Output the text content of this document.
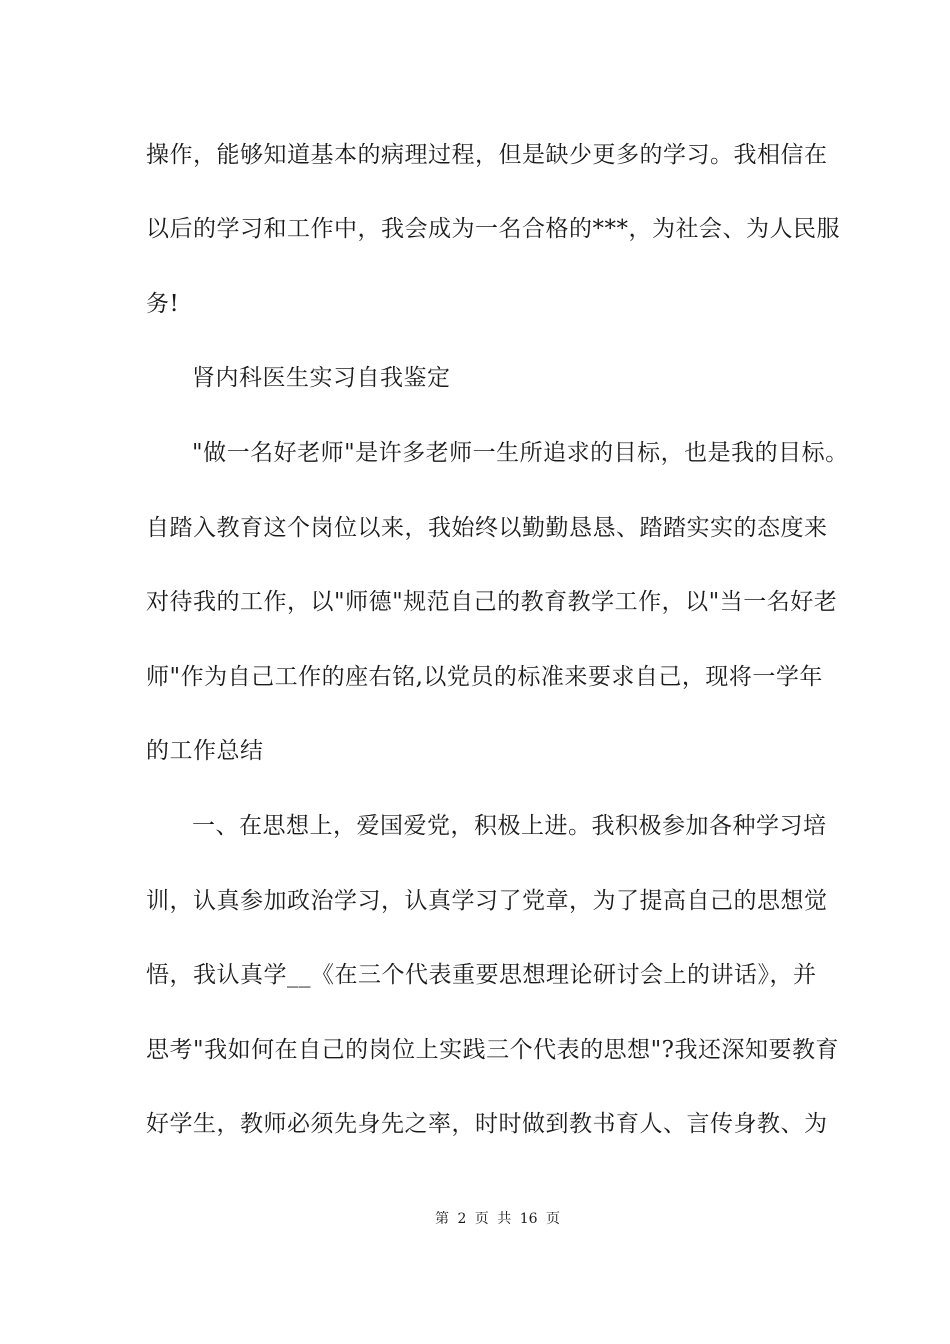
操作，能够知道基本的病理过程，但是缺少更多的学习。我相信在
以后的学习和工作中，我会成为一名合格的***，为社会、为人民服
务!
肾内科医生实习自我鉴定
"做一名好老师"是许多老师一生所追求的目标，也是我的目标。
自踏入教育这个岗位以来，我始终以勤勤恳恳、踏踏实实的态度来
对待我的工作，以"师德"规范自己的教育教学工作，以"当一名好老
师"作为自己工作的座右铭,以党员的标准来要求自己，现将一学年
的工作总结
一、在思想上，爱国爱党，积极上进。我积极参加各种学习培
训，认真参加政治学习，认真学习了党章，为了提高自己的思想觉
悟，我认真学__《在三个代表重要思想理论研讨会上的讲话》，并
思考"我如何在自己的岗位上实践三个代表的思想"?我还深知要教育
好学生，教师必须先身先之率，时时做到教书育人、言传身教、为
第 2 页 共 16 页
